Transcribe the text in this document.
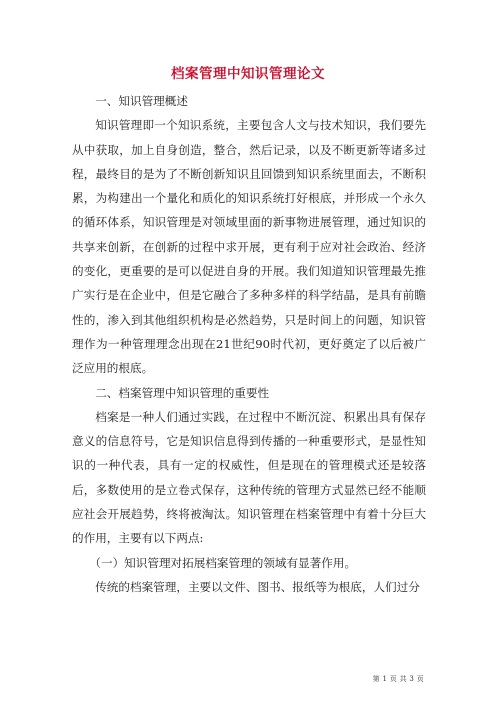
档案管理中知识管理论文

一、知识管理概述

知识管理即一个知识系统，主要包含人文与技术知识，我们要先从中获取，加上自身创造，整合，然后记录，以及不断更新等诸多过程，最终目的是为了不断创新知识且回馈到知识系统里面去，不断积累，为构建出一个量化和质化的知识系统打好根底，并形成一个永久的循环体系，知识管理是对领域里面的新事物进展管理，通过知识的共享来创新，在创新的过程中求开展，更有利于应对社会政治、经济的变化，更重要的是可以促进自身的开展。我们知道知识管理最先推广实行是在企业中，但是它融合了多种多样的科学结晶，是具有前瞻性的，渗入到其他组织机构是必然趋势，只是时间上的问题，知识管理作为一种管理理念出现在21世纪90时代初，更好奠定了以后被广泛应用的根底。

二、档案管理中知识管理的重要性

档案是一种人们通过实践，在过程中不断沉淀、积累出具有保存意义的信息符号，它是知识信息得到传播的一种重要形式，是显性知识的一种代表，具有一定的权威性，但是现在的管理模式还是较落后，多数使用的是立卷式保存，这种传统的管理方式显然已经不能顺应社会开展趋势，终将被淘汰。知识管理在档案管理中有着十分巨大的作用，主要有以下两点:

（一）知识管理对拓展档案管理的领域有显著作用。

传统的档案管理，主要以文件、图书、报纸等为根底，人们过分

第 1 页 共 3 页
